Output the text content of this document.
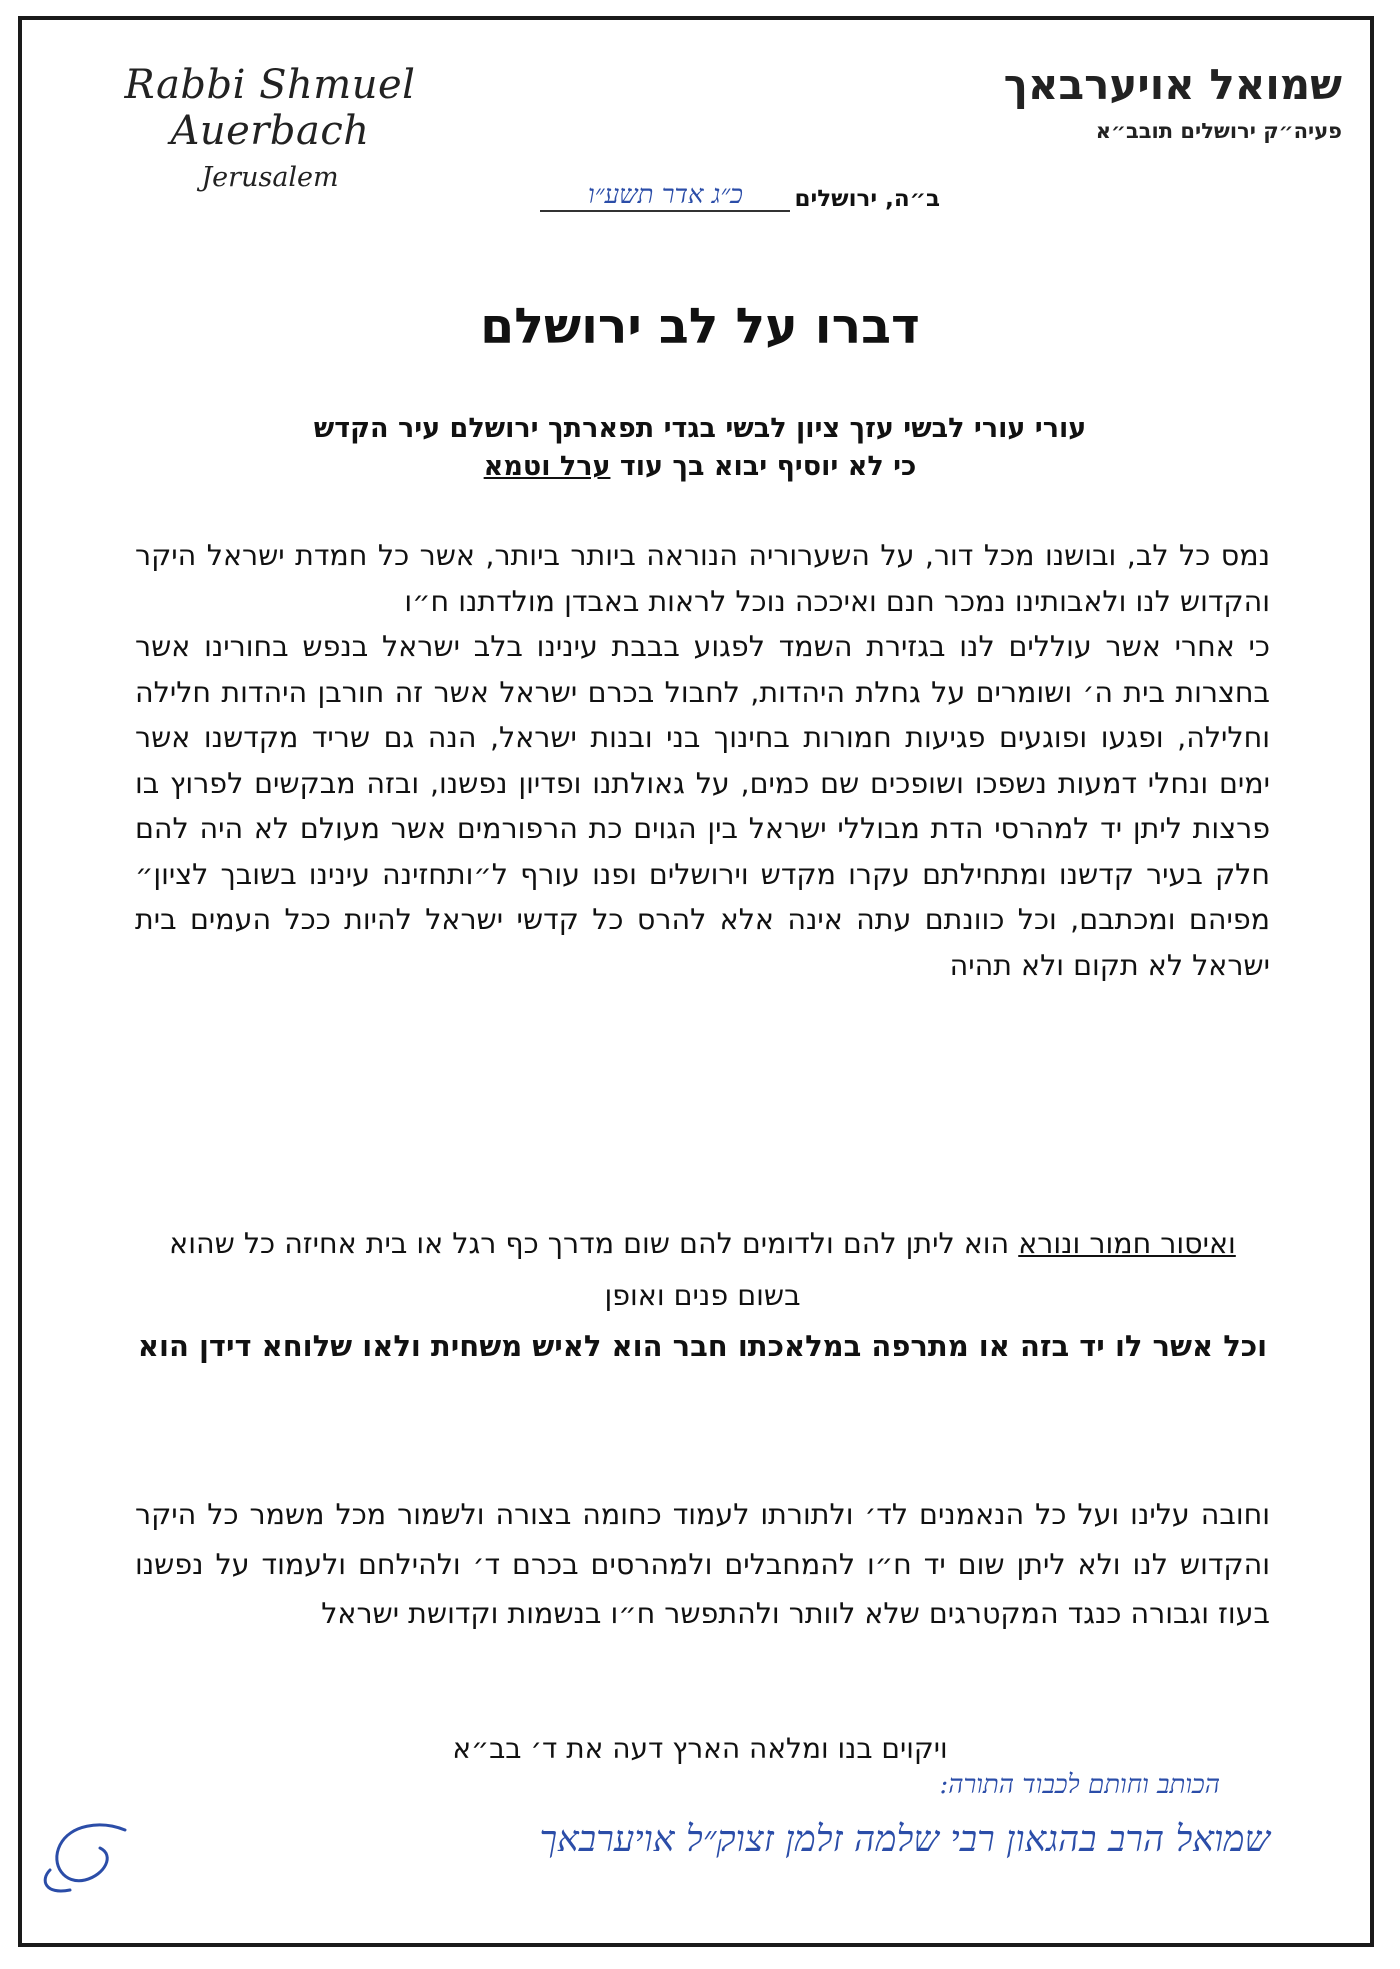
Rabbi Shmuel Auerbach
Jerusalem
שמואל אויערבאך
פעיה״ק ירושלים תובב״א
ב״ה, ירושלים
כ״ג אדר תשע״ו
דברו על לב ירושלם
עורי עורי לבשי עזך ציון לבשי בגדי תפארתך ירושלם עיר הקדש
כי לא יוסיף יבוא בך עוד ערל וטמא
נמס כל לב, ובושנו מכל דור, על השערוריה הנוראה ביותר ביותר, אשר כל חמדת ישראל היקר והקדוש לנו ולאבותינו נמכר חנם ואיככה נוכל לראות באבדן מולדתנו ח״ו
כי אחרי אשר עוללים לנו בגזירת השמד לפגוע בבבת עינינו בלב ישראל בנפש בחורינו אשר בחצרות בית ה׳ ושומרים על גחלת היהדות, לחבול בכרם ישראל אשר זה חורבן היהדות חלילה וחלילה, ופגעו ופוגעים פגיעות חמורות בחינוך בני ובנות ישראל, הנה גם שריד מקדשנו אשר ימים ונחלי דמעות נשפכו ושופכים שם כמים, על גאולתנו ופדיון נפשנו, ובזה מבקשים לפרוץ בו פרצות ליתן יד למהרסי הדת מבוללי ישראל בין הגוים כת הרפורמים אשר מעולם לא היה להם חלק בעיר קדשנו ומתחילתם עקרו מקדש וירושלים ופנו עורף ל״ותחזינה עינינו בשובך לציון״ מפיהם ומכתבם, וכל כוונתם עתה אינה אלא להרס כל קדשי ישראל להיות ככל העמים בית ישראל לא תקום ולא תהיה
ואיסור חמור ונורא הוא ליתן להם ולדומים להם שום מדרך כף רגל או בית אחיזה כל שהוא בשום פנים ואופן
וכל אשר לו יד בזה או מתרפה במלאכתו חבר הוא לאיש משחית ולאו שלוחא דידן הוא
וחובה עלינו ועל כל הנאמנים לד׳ ולתורתו לעמוד כחומה בצורה ולשמור מכל משמר כל היקר והקדוש לנו ולא ליתן שום יד ח״ו להמחבלים ולמהרסים בכרם ד׳ ולהילחם ולעמוד על נפשנו בעוז וגבורה כנגד המקטרגים שלא לוותר ולהתפשר ח״ו בנשמות וקדושת ישראל
ויקוים בנו ומלאה הארץ דעה את ד׳ בב״א
הכותב וחותם לכבוד התורה:
שמואל הרב בהגאון רבי שלמה זלמן זצוק״ל אויערבאך
